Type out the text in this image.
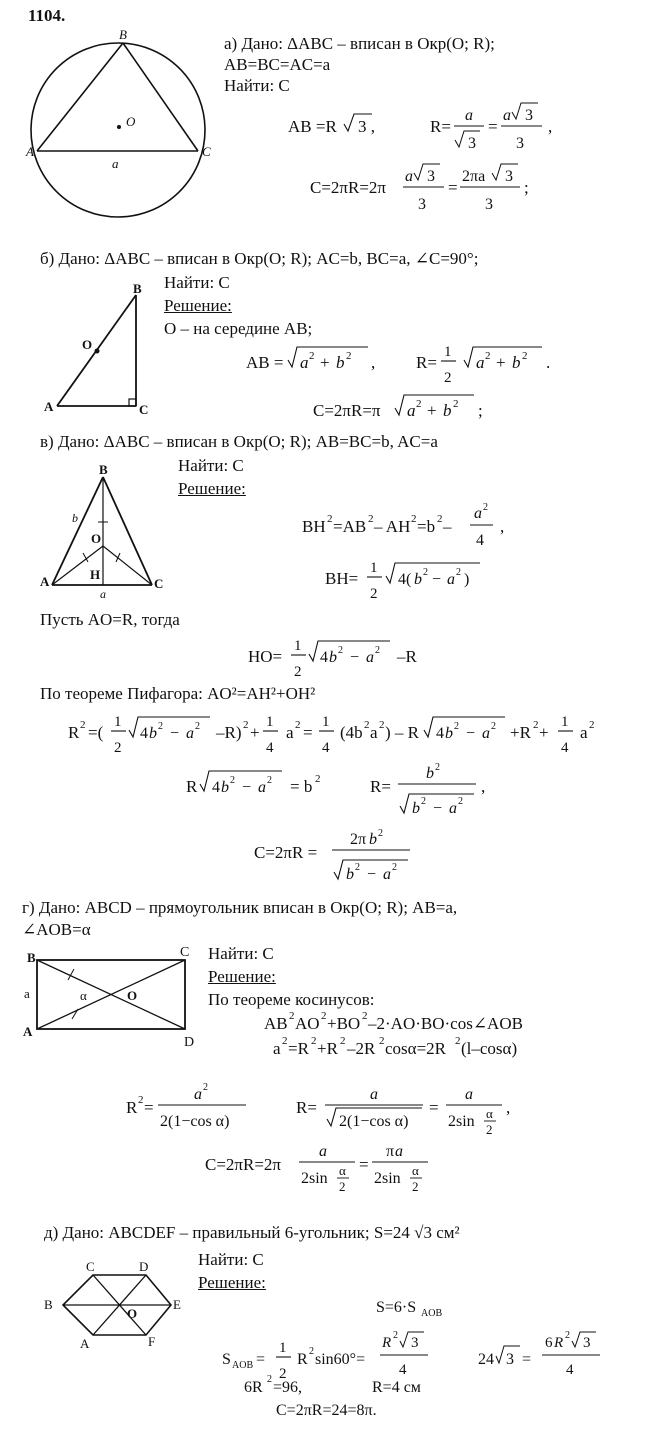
1104.
B
A	C
O
a
а) Дано: ΔABC – вписан в Окр(O; R);
AB=BC=AC=a
Найти: C
AB =R 3 ,	R=
a
3
=
a 3
3
,
C=2πR=2π
a 3
3
=
2πa 3
3
;
б) Дано: ΔABC – вписан в Окр(O; R); AC=b, BC=a, ∠C=90°;
Найти: C
Решение:
O – на середине AB;
B
A	C
O
AB = a 2 + b 2 , R=
1
2
a 2 + b 2 .
C=2πR=π a 2 + b 2 ;
в) Дано: ΔABC – вписан в Окр(O; R); AB=BC=b, AC=a
Найти: C
Решение:
B
A	C
O
H
a
b	BH 2 =AB 2 – AH 2 =b 2 –
a 2
4
,
BH=
1
2
4( b 2 − a 2 )
Пусть AO=R, тогда
HO=
1
2
4 b 2 − a 2 –R
По теореме Пифагора: AO²=AH²+OH²
R 2 =(
1
2
4 b 2 − a 2 –R) 2 +
1
4
a 2 =
1
4
(4b 2 a 2 ) – R 4 b 2 − a 2 +R 2 +
1
4
a 2
R 4 b 2 − a 2 = b 2	R=
b 2
b 2 − a 2
,
C=2πR =
2π b 2
b 2 − a 2
г) Дано: ABCD – прямоугольник вписан в Окр(O; R); AB=a,
∠AOB=α
Найти: C
Решение:
По теореме косинусов:
B
A
C
D
O
a	α
AB 2 AO 2 +BO 2 –2·AO·BO·cos∠AOB
a 2 =R 2 +R 2 –2R 2 cosα=2R 2 (l–cosα)
R 2 =
a 2
2(1−cos α)
R=
a
2(1−cos α)
=
a
2sin α
2
,
C=2πR=2π
a
2sin α
2
=
π a
2sin α
2
д) Дано: ABCDEF – правильный 6-угольник; S=24 √3 см²
Найти: C
Решение:
C	D
B	E
A	F
O	S=6·S AOB
S AOB =
1
2
R 2 sin60°=
R 2 3
4
24 3 =
6 R 2 3
4
6R 2 =96,	R=4 см
C=2πR=24=8π.
